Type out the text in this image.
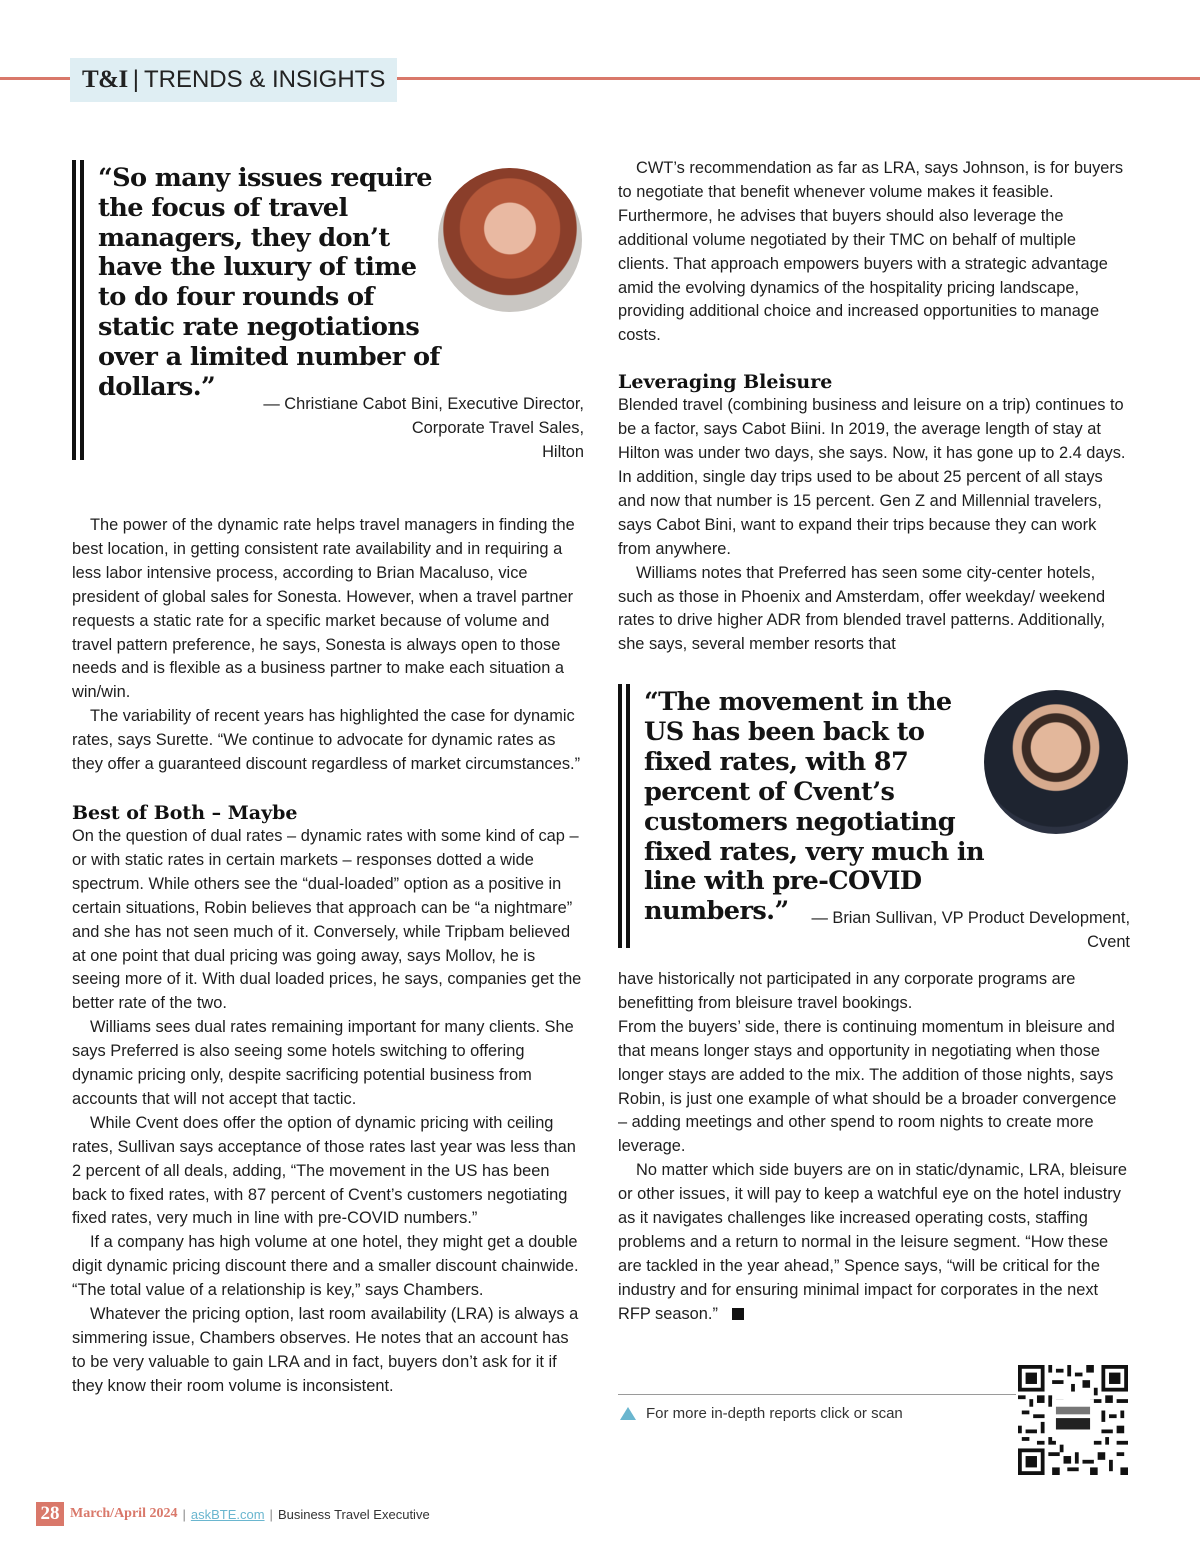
T&I | TRENDS & INSIGHTS
“So many issues require the focus of travel managers, they don’t have the luxury of time to do four rounds of static rate negotiations over a limited number of dollars.”
— Christiane Cabot Bini, Executive Director,
Corporate Travel Sales,
Hilton

The power of the dynamic rate helps travel managers in finding the best location, in getting consistent rate availability and in requiring a less labor intensive process, according to Brian Macaluso, vice president of global sales for Sonesta. However, when a travel partner requests a static rate for a specific market because of volume and travel pattern preference, he says, Sonesta is always open to those needs and is flexible as a business partner to make each situation a win/win.

The variability of recent years has highlighted the case for dynamic rates, says Surette. “We continue to advocate for dynamic rates as they offer a guaranteed discount regardless of market circumstances.”

Best of Both – Maybe

On the question of dual rates – dynamic rates with some kind of cap – or with static rates in certain markets – responses dotted a wide spectrum. While others see the “dual-loaded” option as a positive in certain situations, Robin believes that approach can be “a nightmare” and she has not seen much of it. Conversely, while Tripbam believed at one point that dual pricing was going away, says Mollov, he is seeing more of it. With dual loaded prices, he says, companies get the better rate of the two.

Williams sees dual rates remaining important for many clients. She says Preferred is also seeing some hotels switching to offering dynamic pricing only, despite sacrificing potential business from accounts that will not accept that tactic.

While Cvent does offer the option of dynamic pricing with ceiling rates, Sullivan says acceptance of those rates last year was less than 2 percent of all deals, adding, “The movement in the US has been back to fixed rates, with 87 percent of Cvent’s customers negotiating fixed rates, very much in line with pre-COVID numbers.”

If a company has high volume at one hotel, they might get a double digit dynamic pricing discount there and a smaller discount chainwide. “The total value of a relationship is key,” says Chambers.

Whatever the pricing option, last room availability (LRA) is always a simmering issue, Chambers observes. He notes that an account has to be very valuable to gain LRA and in fact, buyers don’t ask for it if they know their room volume is inconsistent.

CWT’s recommendation as far as LRA, says Johnson, is for buyers to negotiate that benefit whenever volume makes it feasible. Furthermore, he advises that buyers should also leverage the additional volume negotiated by their TMC on behalf of multiple clients. That approach empowers buyers with a strategic advantage amid the evolving dynamics of the hospitality pricing landscape, providing additional choice and increased opportunities to manage costs.

Leveraging Bleisure

Blended travel (combining business and leisure on a trip) continues to be a factor, says Cabot Biini. In 2019, the average length of stay at Hilton was under two days, she says. Now, it has gone up to 2.4 days. In addition, single day trips used to be about 25 percent of all stays and now that number is 15 percent. Gen Z and Millennial travelers, says Cabot Bini, want to expand their trips because they can work from anywhere.

Williams notes that Preferred has seen some city-center hotels, such as those in Phoenix and Amsterdam, offer weekday/ weekend rates to drive higher ADR from blended travel patterns. Additionally, she says, several member resorts that

“The movement in the US has been back to fixed rates, with 87 percent of Cvent’s customers negotiating fixed rates, very much in line with pre-COVID numbers.”	— Brian Sullivan, VP Product Development,
Cvent

have historically not participated in any corporate programs are benefitting from bleisure travel bookings.

From the buyers’ side, there is continuing momentum in bleisure and that means longer stays and opportunity in negotiating when those longer stays are added to the mix. The addition of those nights, says Robin, is just one example of what should be a broader convergence – adding meetings and other spend to room nights to create more leverage.

No matter which side buyers are on in static/dynamic, LRA, bleisure or other issues, it will pay to keep a watchful eye on the hotel industry as it navigates challenges like increased operating costs, staffing problems and a return to normal in the leisure segment. “How these are tackled in the year ahead,” Spence says, “will be critical for the industry and for ensuring minimal impact for corporates in the next RFP season.”

For more in-depth reports click or scan
28 March/April 2024 | askBTE.com | Business Travel Executive
